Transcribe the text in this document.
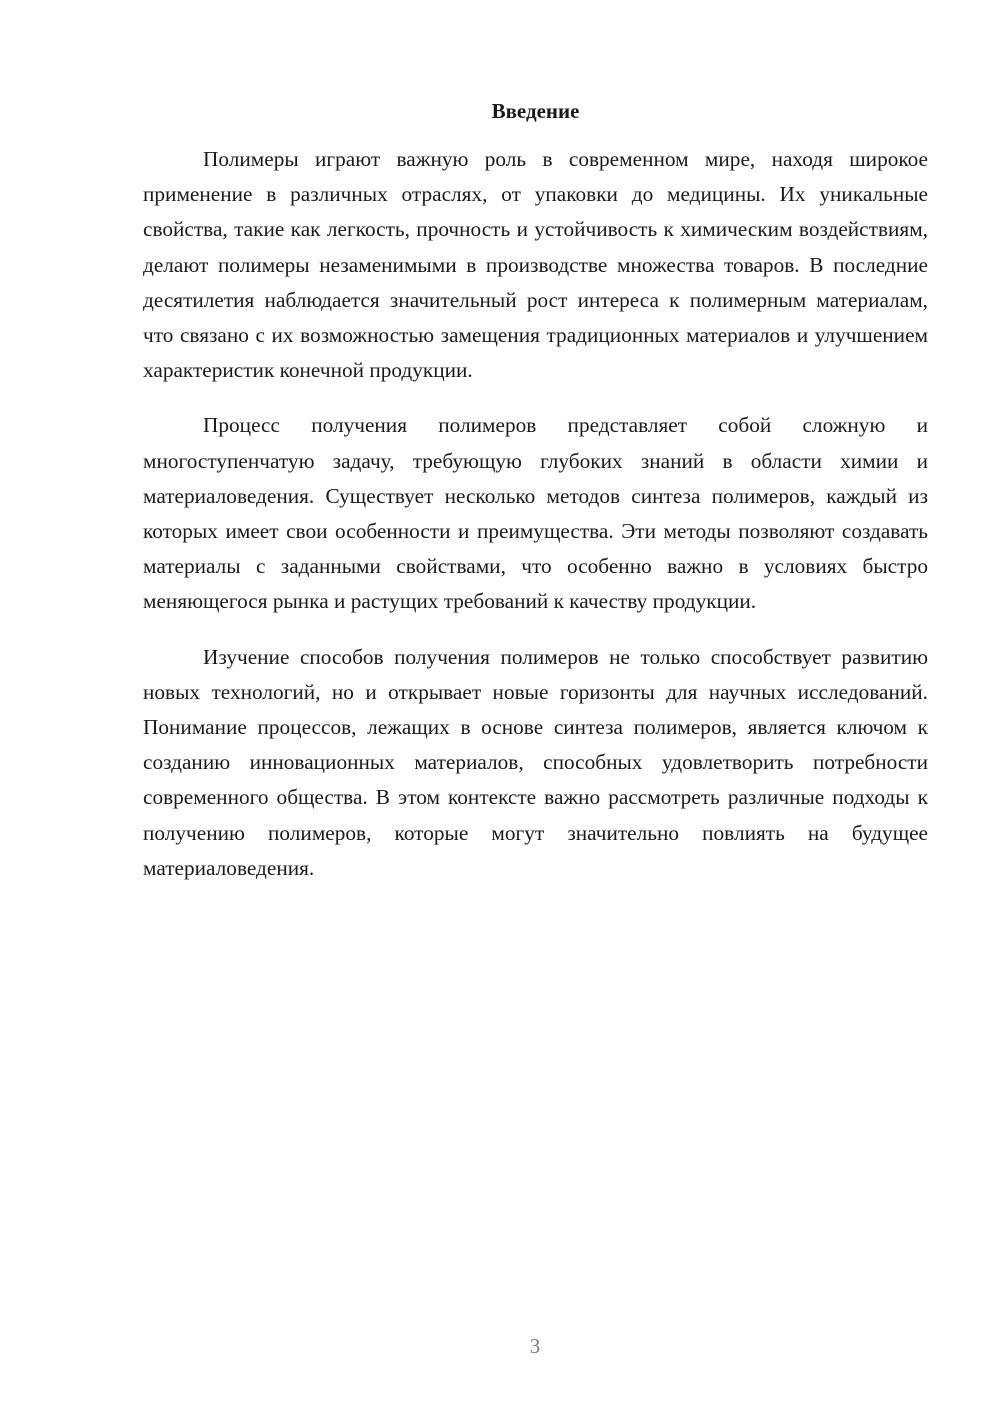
Введение

Полимеры играют важную роль в современном мире, находя широкое применение в различных отраслях, от упаковки до медицины. Их уникальные свойства, такие как легкость, прочность и устойчивость к химическим воздействиям, делают полимеры незаменимыми в производстве множества товаров. В последние десятилетия наблюдается значительный рост интереса к полимерным материалам, что связано с их возможностью замещения традиционных материалов и улучшением характеристик конечной продукции.

Процесс получения полимеров представляет собой сложную и многоступенчатую задачу, требующую глубоких знаний в области химии и материаловедения. Существует несколько методов синтеза полимеров, каждый из которых имеет свои особенности и преимущества. Эти методы позволяют создавать материалы с заданными свойствами, что особенно важно в условиях быстро меняющегося рынка и растущих требований к качеству продукции.

Изучение способов получения полимеров не только способствует развитию новых технологий, но и открывает новые горизонты для научных исследований. Понимание процессов, лежащих в основе синтеза полимеров, является ключом к созданию инновационных материалов, способных удовлетворить потребности современного общества. В этом контексте важно рассмотреть различные подходы к получению полимеров, которые могут значительно повлиять на будущее материаловедения.

3
